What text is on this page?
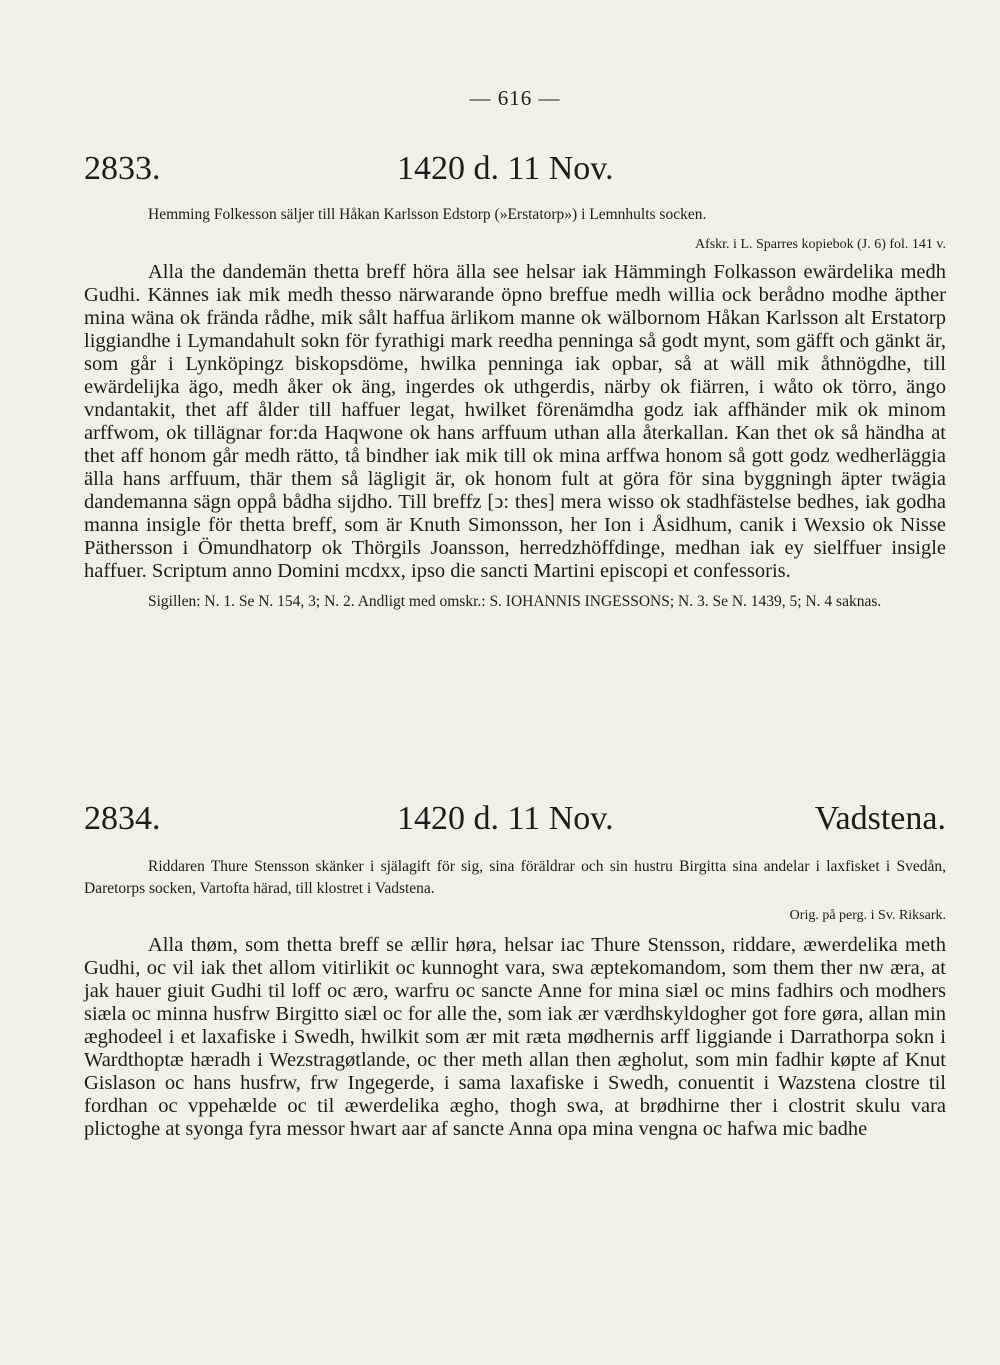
— 616 —
2833.	1420 d. 11 Nov.

Hemming Folkesson säljer till Håkan Karlsson Edstorp (»Erstatorp») i Lemnhults socken.

Afskr. i L. Sparres kopiebok (J. 6) fol. 141 v.

Alla the dandemän thetta breff höra älla see helsar iak Hämmingh Folkasson ewärdelika medh Gudhi. Kännes iak mik medh thesso närwarande öpno breffue medh willia ock berådno modhe äpther mina wäna ok frända rådhe, mik sålt haffua ärlikom manne ok wälbornom Håkan Karlsson alt Erstatorp liggiandhe i Lymandahult sokn för fyrathigi mark reedha penninga så godt mynt, som gäfft och gänkt är, som går i Lynköpingz biskopsdöme, hwilka penninga iak opbar, så at wäll mik åthnögdhe, till ewärdelijka ägo, medh åker ok äng, ingerdes ok uthgerdis, närby ok fiärren, i wåto ok törro, ängo vndantakit, thet aff ålder till haffuer legat, hwilket förenämdha godz iak affhänder mik ok minom arffwom, ok tillägnar for:da Haqwone ok hans arffuum uthan alla återkallan. Kan thet ok så händha at thet aff honom går medh rätto, tå bindher iak mik till ok mina arffwa honom så gott godz wedherläggia älla hans arffuum, thär them så lägligit är, ok honom fult at göra för sina byggningh äpter twägia dandemanna sägn oppå bådha sijdho. Till breffz [ↄ: thes] mera wisso ok stadhfästelse bedhes, iak godha manna insigle för thetta breff, som är Knuth Simonsson, her Ion i Åsidhum, canik i Wexsio ok Nisse Päthersson i Ömundhatorp ok Thörgils Joansson, herredzhöffdinge, medhan iak ey sielffuer insigle haffuer. Scriptum anno Domini mcdxx, ipso die sancti Martini episcopi et confessoris.

Sigillen: N. 1. Se N. 154, 3; N. 2. Andligt med omskr.: S. IOHANNIS INGESSONS; N. 3. Se N. 1439, 5; N. 4 saknas.

2834.	1420 d. 11 Nov.	Vadstena.

Riddaren Thure Stensson skänker i själagift för sig, sina föräldrar och sin hustru Birgitta sina andelar i laxfisket i Svedån, Daretorps socken, Vartofta härad, till klostret i Vadstena.

Orig. på perg. i Sv. Riksark.

Alla thøm, som thetta breff se ællir høra, helsar iac Thure Stensson, riddare, æwerdelika meth Gudhi, oc vil iak thet allom vitirlikit oc kunnoght vara, swa æptekomandom, som them ther nw æra, at jak hauer giuit Gudhi til loff oc æro, warfru oc sancte Anne for mina siæl oc mins fadhirs och modhers siæla oc minna husfrw Birgitto siæl oc for alle the, som iak ær værdhskyldogher got fore gøra, allan min æghodeel i et laxafiske i Swedh, hwilkit som ær mit ræta mødhernis arff liggiande i Darrathorpa sokn i Wardthoptæ hæradh i Wezstragøtlande, oc ther meth allan then ægholut, som min fadhir køpte af Knut Gislason oc hans husfrw, frw Ingegerde, i sama laxafiske i Swedh, conuentit i Wazstena clostre til fordhan oc vppehælde oc til æwerdelika ægho, thogh swa, at brødhirne ther i clostrit skulu vara plictoghe at syonga fyra messor hwart aar af sancte Anna opa mina vengna oc hafwa mic badhe
